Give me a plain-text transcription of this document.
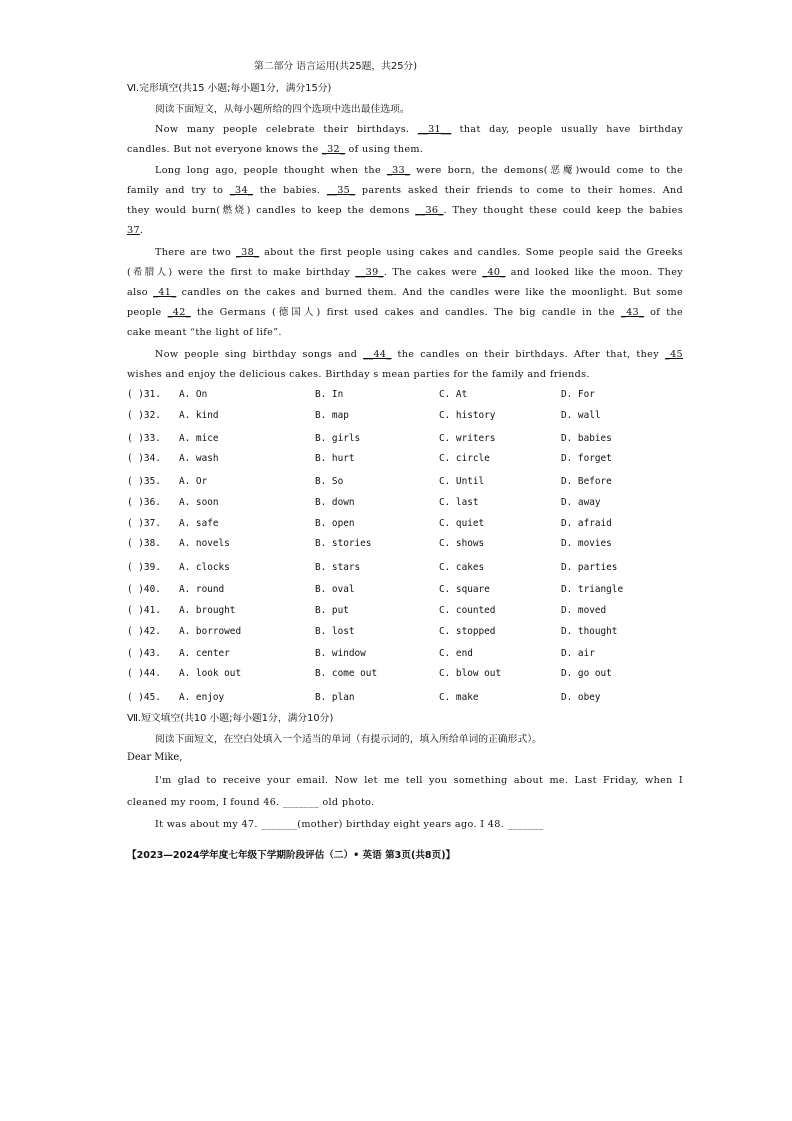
第二部分 语言运用(共25题，共25分)
Ⅵ.完形填空(共15 小题;每小题1分，满分15分)
阅读下面短文，从每小题所给的四个选项中选出最佳选项。
Now many people celebrate their birthdays. __31__ that day, people usually have birthday
candles. But not everyone knows the _32_ of using them.
Long long ago, people thought when the _33_ were born, the demons(恶魔)would come to the
family and try to _34_ the babies. __35_ parents asked their friends to come to their homes. And
they would burn(燃烧) candles to keep the demons __36_. They thought these could keep the babies
37.
There are two _38_ about the first people using cakes and candles. Some people said the Greeks
(希腊人) were the first to make birthday __39_. The cakes were _40_ and looked like the moon. They
also _41_ candles on the cakes and burned them. And the candles were like the moonlight. But some
people _42_ the Germans (德国人) first used cakes and candles. The big candle in the _43_ of the
cake meant “the light of life”.
Now people sing birthday songs and __44_ the candles on their birthdays. After that, they _45
wishes and enjoy the delicious cakes. Birthday s mean parties for the family and friends.
( )31. A. On	B. In	C. At	D. For
( )32. A. kind	B. map	C. history	D. wall
( )33. A. mice	B. girls	C. writers	D. babies
( )34. A. wash	B. hurt	C. circle	D. forget
( )35. A. Or	B. So	C. Until	D. Before
( )36. A. soon	B. down	C. last	D. away
( )37. A. safe	B. open	C. quiet	D. afraid
( )38. A. novels	B. stories	C. shows	D. movies
( )39. A. clocks	B. stars	C. cakes	D. parties
( )40. A. round	B. oval	C. square	D. triangle
( )41. A. brought	B. put	C. counted	D. moved
( )42. A. borrowed	B. lost	C. stopped	D. thought
( )43. A. center	B. window	C. end	D. air
( )44. A. look out	B. come out	C. blow out	D. go out
( )45. A. enjoy	B. plan	C. make	D. obey
Ⅶ.短文填空(共10 小题;每小题1分，满分10分)
阅读下面短文，在空白处填入一个适当的单词（有提示词的，填入所给单词的正确形式）。
Dear Mike,
I'm glad to receive your email. Now let me tell you something about me. Last Friday, when I
cleaned my room, I found 46. _______ old photo.
It was about my 47. _______(mother) birthday eight years ago. I 48. _______
【2023—2024学年度七年级下学期阶段评估（二）• 英语 第3页(共8页)】
